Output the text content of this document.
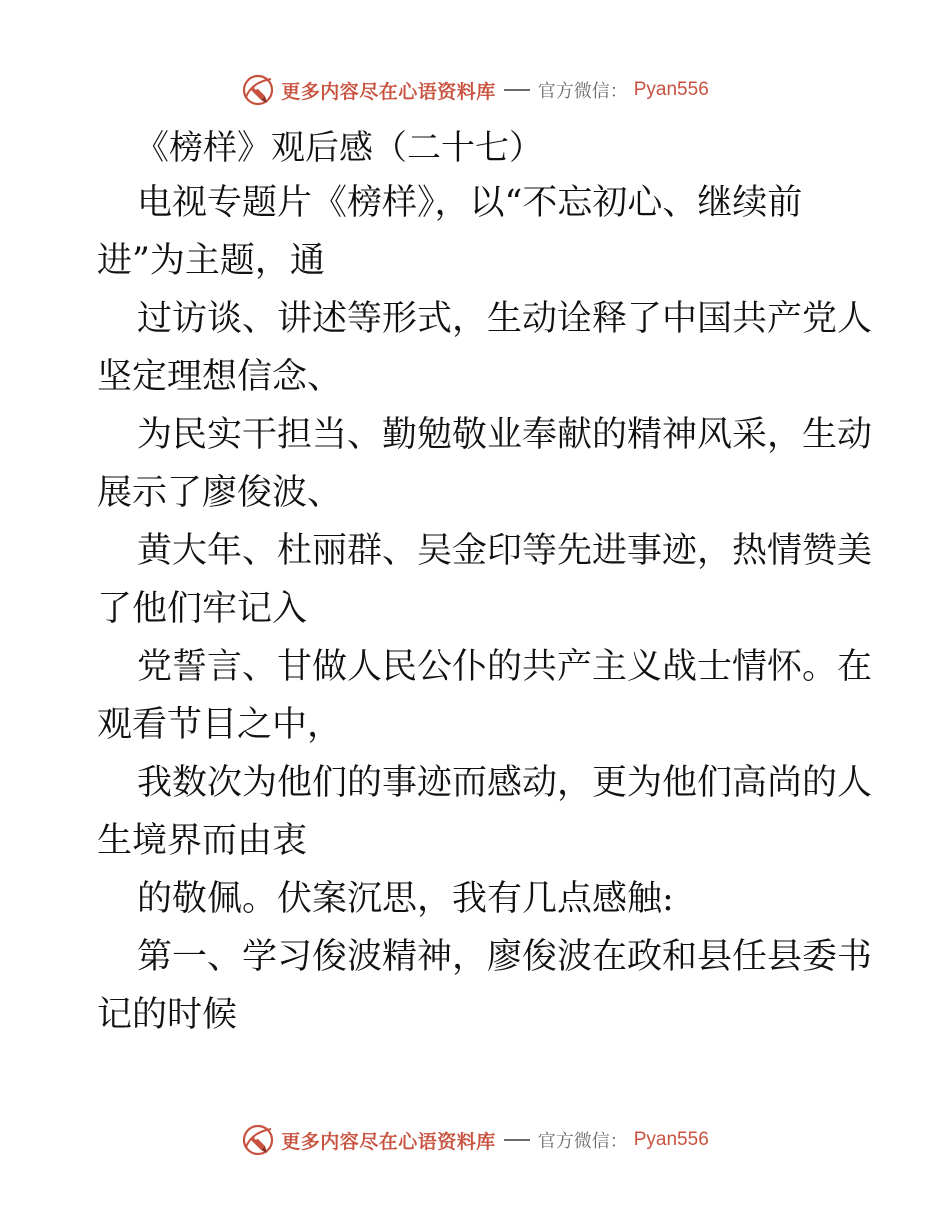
更多内容尽在心语资料库 官方微信： Pyan556
《榜样》观后感（二十七）

电视专题片《榜样》，以“不忘初心、继续前
进”为主题，通

过访谈、讲述等形式，生动诠释了中国共产党人
坚定理想信念、

为民实干担当、勤勉敬业奉献的精神风采，生动
展示了廖俊波、

黄大年、杜丽群、吴金印等先进事迹，热情赞美
了他们牢记入

党誓言、甘做人民公仆的共产主义战士情怀。在
观看节目之中，

我数次为他们的事迹而感动，更为他们高尚的人
生境界而由衷

的敬佩。伏案沉思，我有几点感触:

第一、学习俊波精神，廖俊波在政和县任县委书
记的时候

更多内容尽在心语资料库 官方微信： Pyan556
